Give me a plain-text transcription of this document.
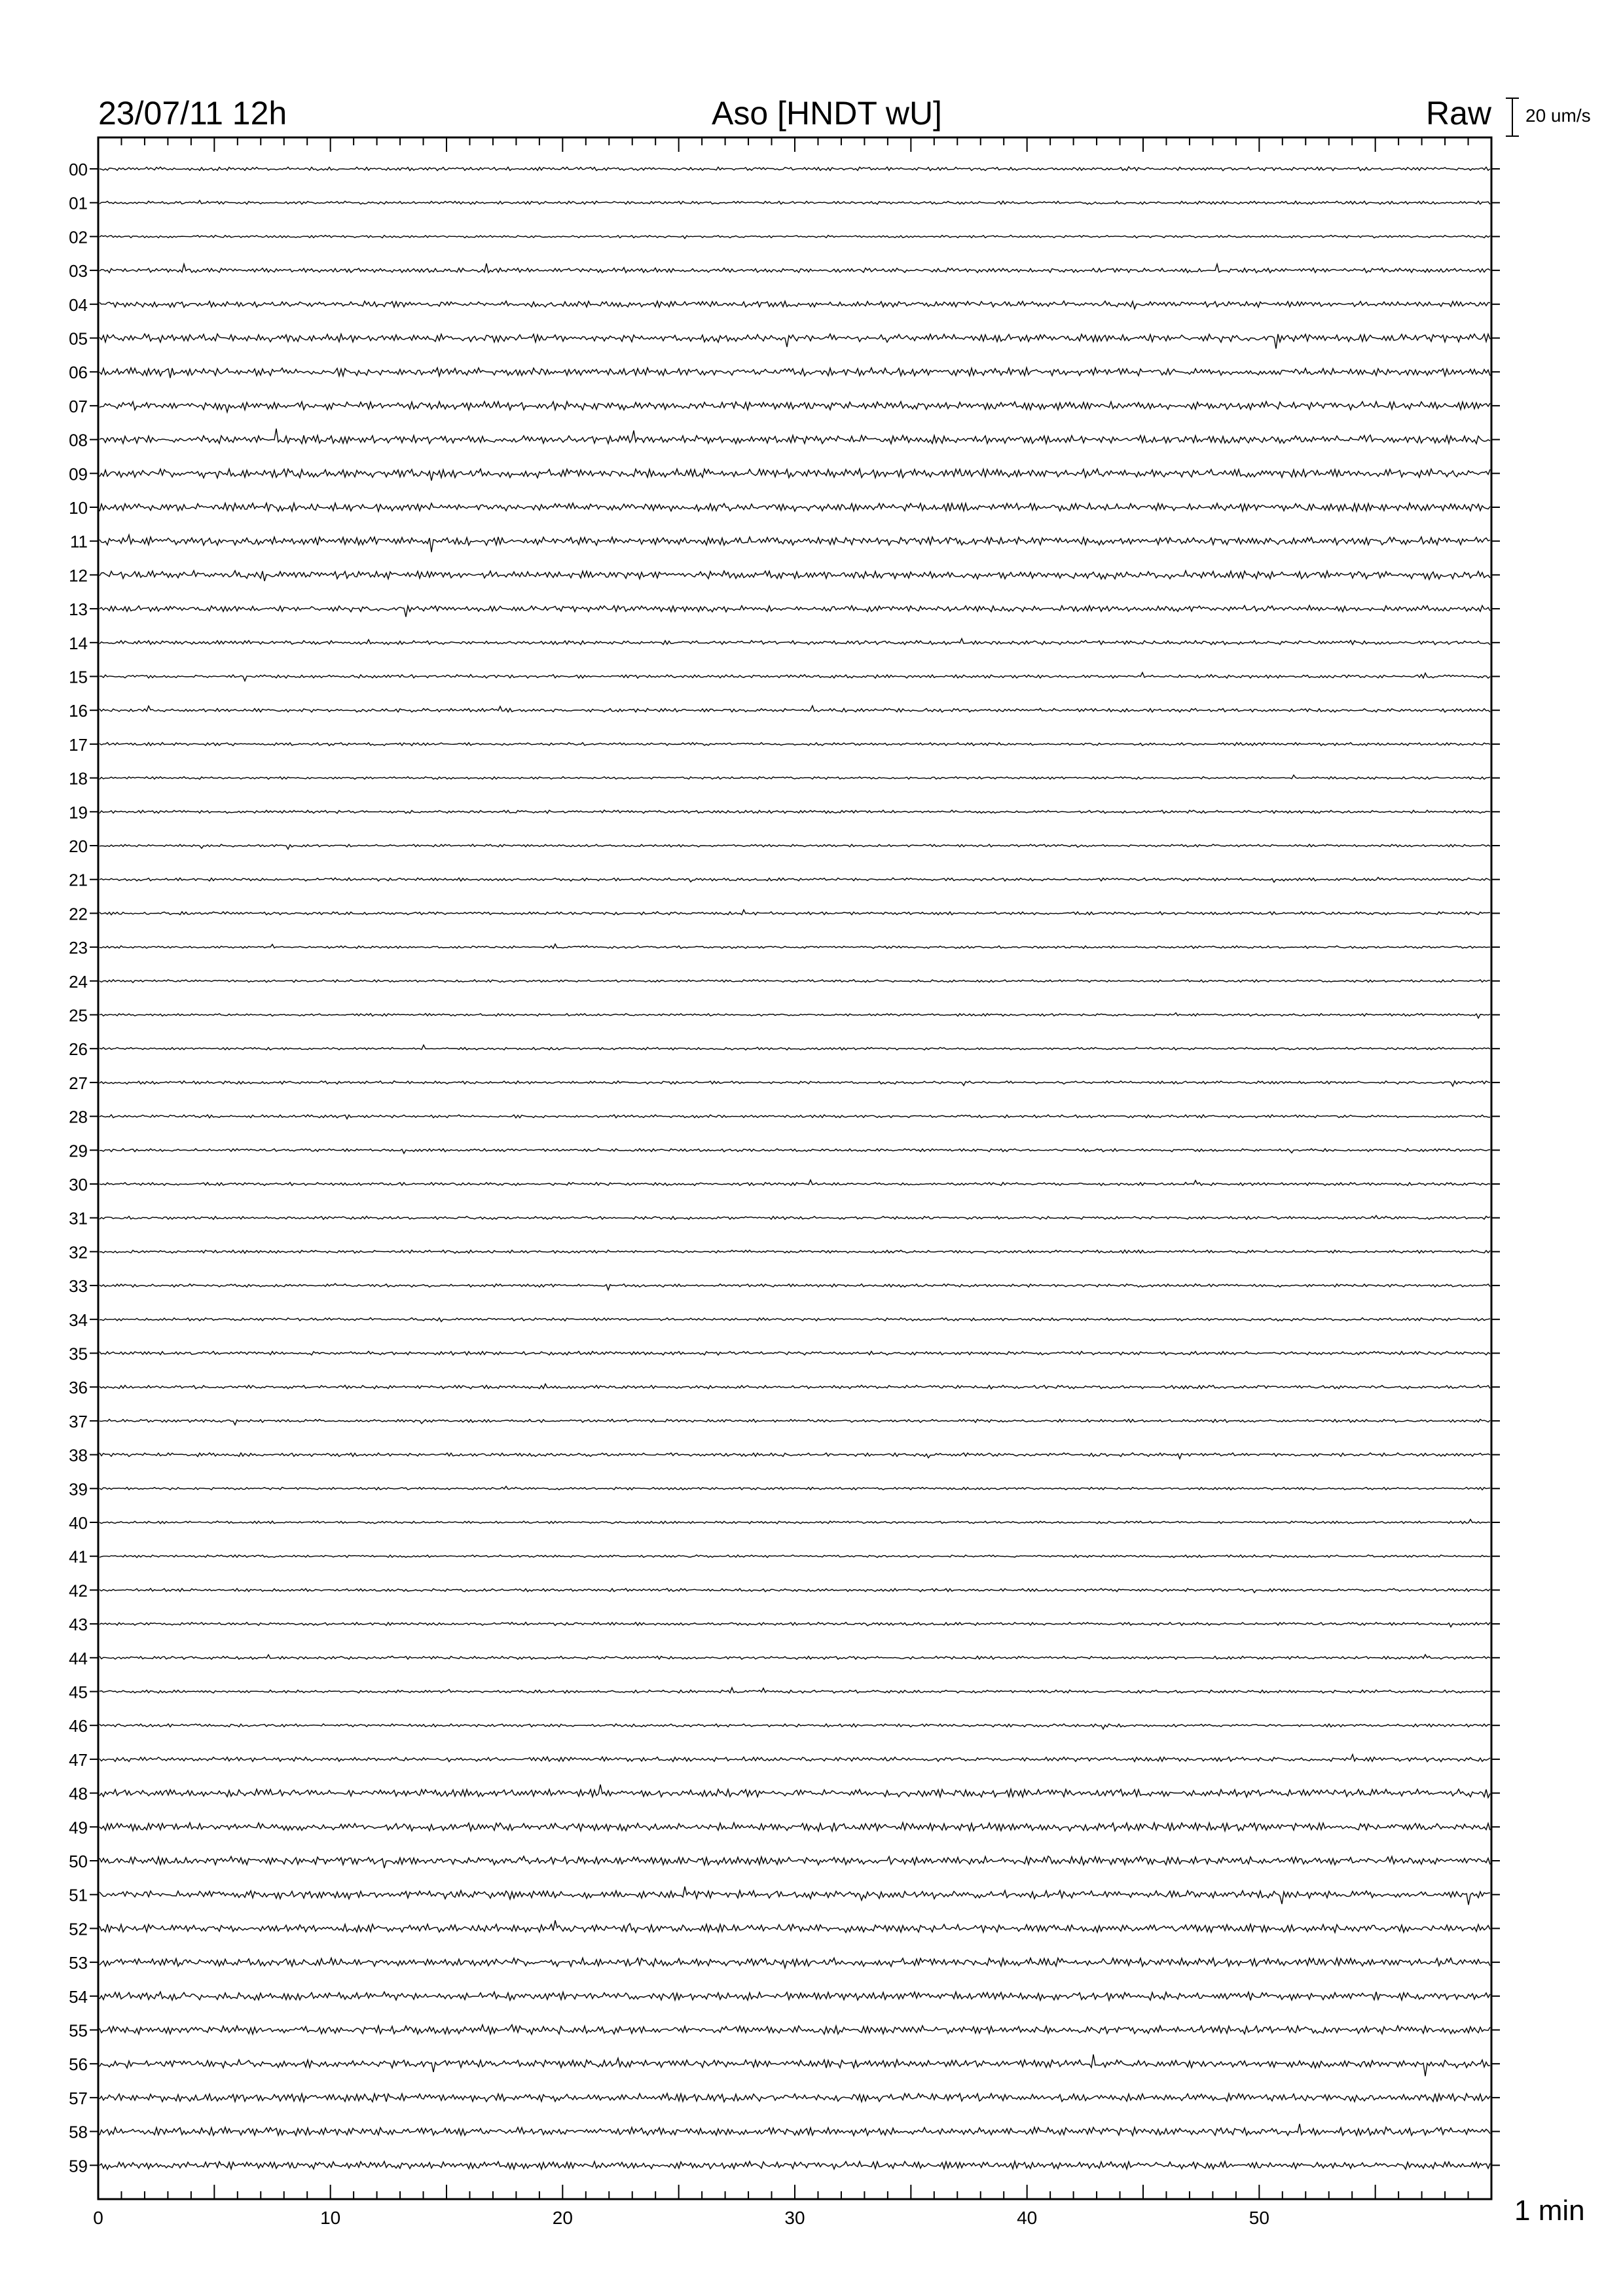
23/07/11 12h	Aso [HNDT wU]	Raw 20 um/s
0	10	20	30	40	50
00
01
02
03
04
05
06
07
08
09
10
11
12
13
14
15
16
17
18
19
20
21
22
23
24
25
26
27
28
29
30
31
32
33
34
35
36
37
38
39
40
41
42
43
44
45
46
47
48
49
50
51
52
53
54
55
56
57
58
59
1 min
